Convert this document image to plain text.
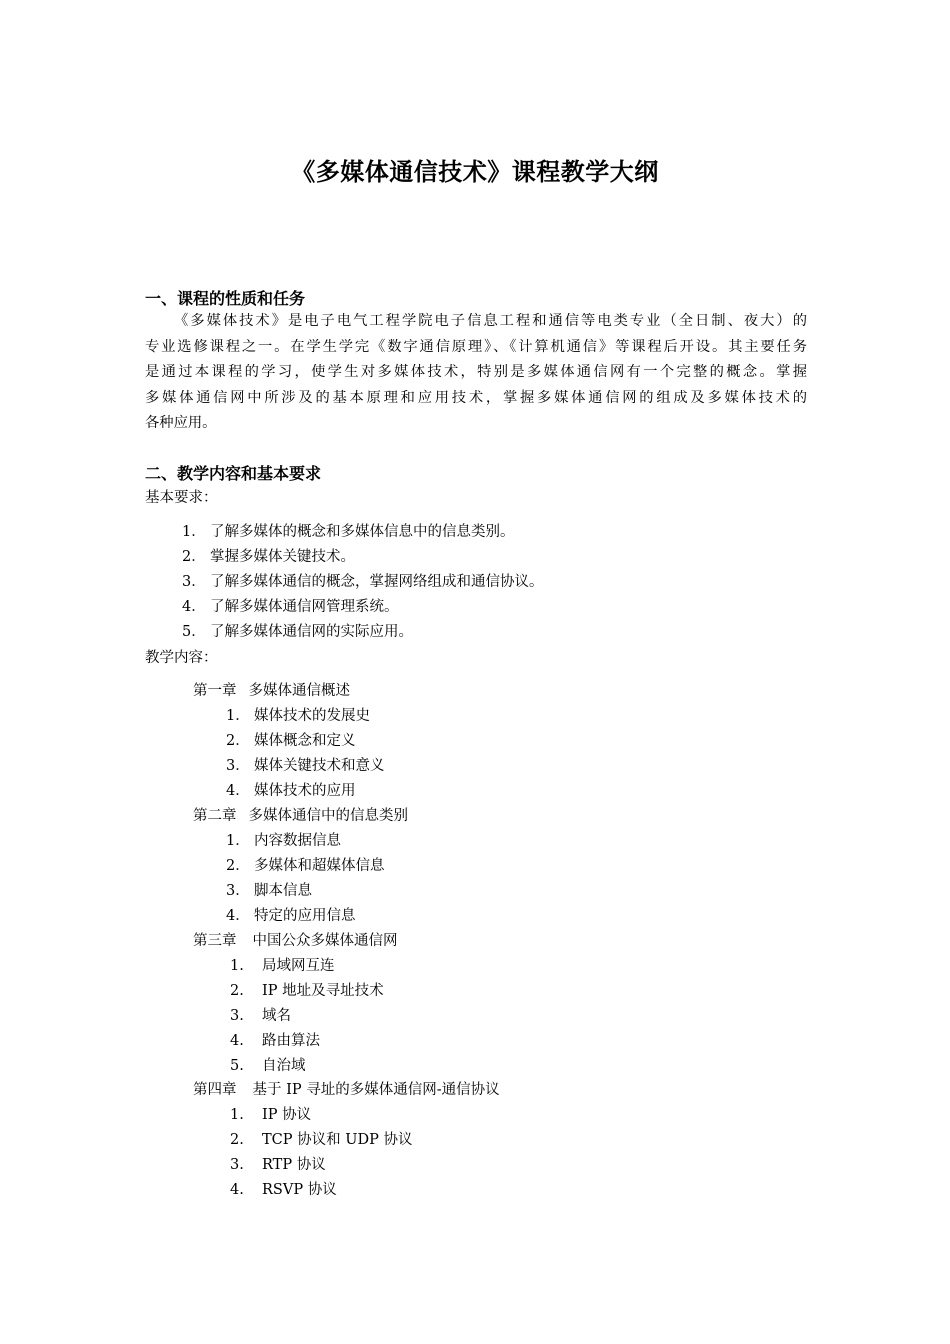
《多媒体通信技术》课程教学大纲
一、课程的性质和任务
《多媒体技术》是电子电气工程学院电子信息工程和通信等电类专业（全日制、夜大）的
专业选修课程之一。在学生学完《数字通信原理》、《计算机通信》等课程后开设。其主要任务
是通过本课程的学习，使学生对多媒体技术，特别是多媒体通信网有一个完整的概念。掌握
多媒体通信网中所涉及的基本原理和应用技术，掌握多媒体通信网的组成及多媒体技术的
各种应用。
二、教学内容和基本要求
基本要求：
1． 了解多媒体的概念和多媒体信息中的信息类别。
2． 掌握多媒体关键技术。
3． 了解多媒体通信的概念，掌握网络组成和通信协议。
4． 了解多媒体通信网管理系统。
5． 了解多媒体通信网的实际应用。
教学内容：
第一章 多媒体通信概述
1． 媒体技术的发展史
2． 媒体概念和定义
3． 媒体关键技术和意义
4． 媒体技术的应用
第二章 多媒体通信中的信息类别
1． 内容数据信息
2． 多媒体和超媒体信息
3． 脚本信息
4． 特定的应用信息
第三章 中国公众多媒体通信网
1. 局域网互连
2. IP 地址及寻址技术
3. 域名
4. 路由算法
5. 自治域
第四章 基于 IP 寻址的多媒体通信网-通信协议
1. IP 协议
2. TCP 协议和 UDP 协议
3. RTP 协议
4. RSVP 协议
